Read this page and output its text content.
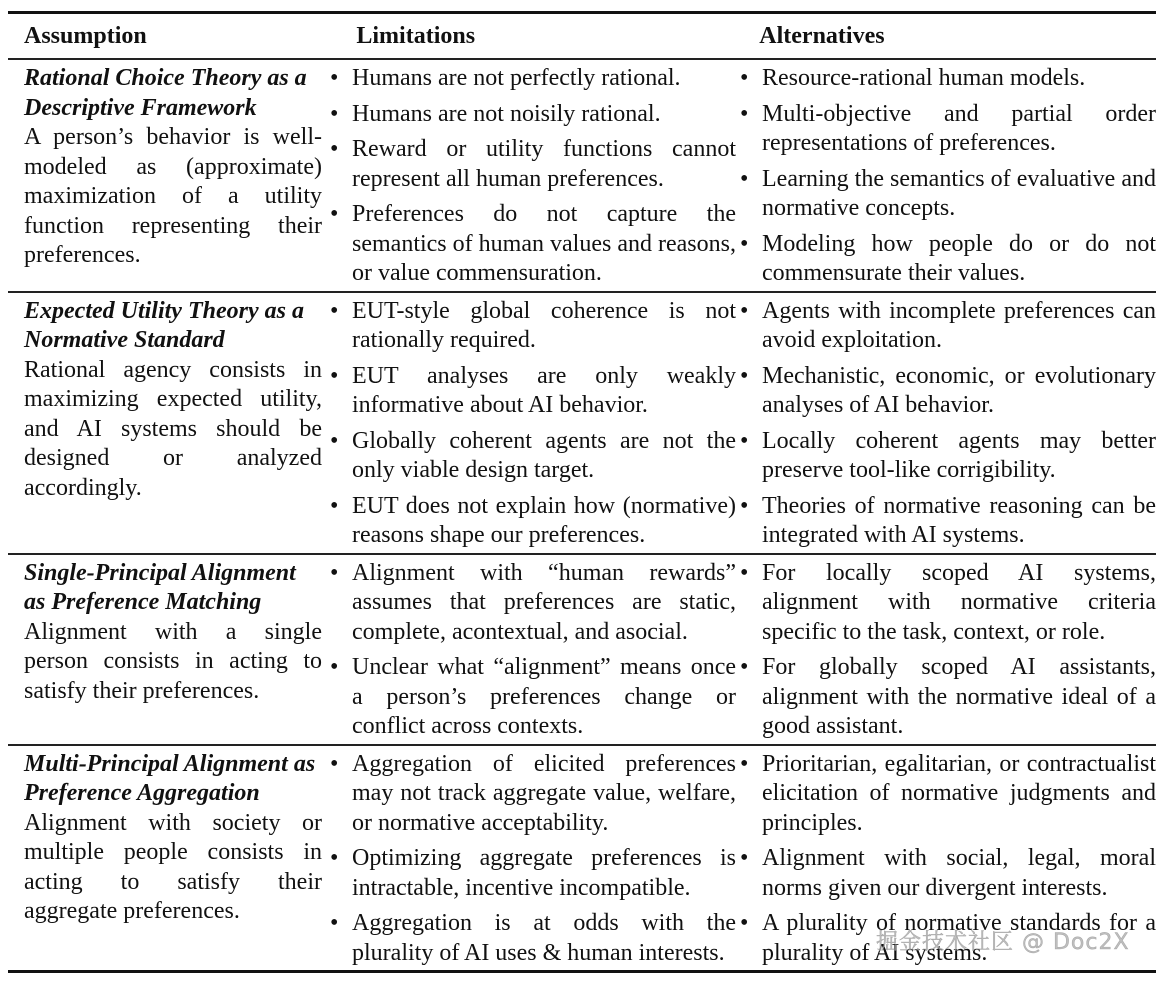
Assumption	Limitations	Alternatives
Rational Choice Theory as a Descriptive Framework
A person’s behavior is well-modeled as (approximate) maximization of a utility function representing their preferences.
• Humans are not perfectly rational.
• Humans are not noisily rational.
• Reward or utility functions cannot represent all human preferences.
• Preferences do not capture the semantics of human values and reasons, or value commensuration.
• Resource-rational human models.
• Multi-objective and partial order representations of preferences.
• Learning the semantics of evaluative and normative concepts.
• Modeling how people do or do not commensurate their values.
Expected Utility Theory as a Normative Standard
Rational agency consists in maximizing expected utility, and AI systems should be designed or analyzed accordingly.
• EUT-style global coherence is not rationally required.
• EUT analyses are only weakly informative about AI behavior.
• Globally coherent agents are not the only viable design target.
• EUT does not explain how (normative) reasons shape our preferences.
• Agents with incomplete preferences can avoid exploitation.
• Mechanistic, economic, or evolutionary analyses of AI behavior.
• Locally coherent agents may better preserve tool-like corrigibility.
• Theories of normative reasoning can be integrated with AI systems.
Single-Principal Alignment as Preference Matching
Alignment with a single person consists in acting to satisfy their preferences.
• Alignment with “human rewards” assumes that preferences are static, complete, acontextual, and asocial.
• Unclear what “alignment” means once a person’s preferences change or conflict across contexts.
• For locally scoped AI systems, alignment with normative criteria specific to the task, context, or role.
• For globally scoped AI assistants, alignment with the normative ideal of a good assistant.
Multi-Principal Alignment as Preference Aggregation
Alignment with society or multiple people consists in acting to satisfy their aggregate preferences.
• Aggregation of elicited preferences may not track aggregate value, welfare, or normative acceptability.
• Optimizing aggregate preferences is intractable, incentive incompatible.
• Aggregation is at odds with the plurality of AI uses & human interests.
• Prioritarian, egalitarian, or contractualist elicitation of normative judgments and principles.
• Alignment with social, legal, moral norms given our divergent interests.
• A plurality of normative standards for a plurality of AI systems.
掘金技术社区 @ Doc2X
